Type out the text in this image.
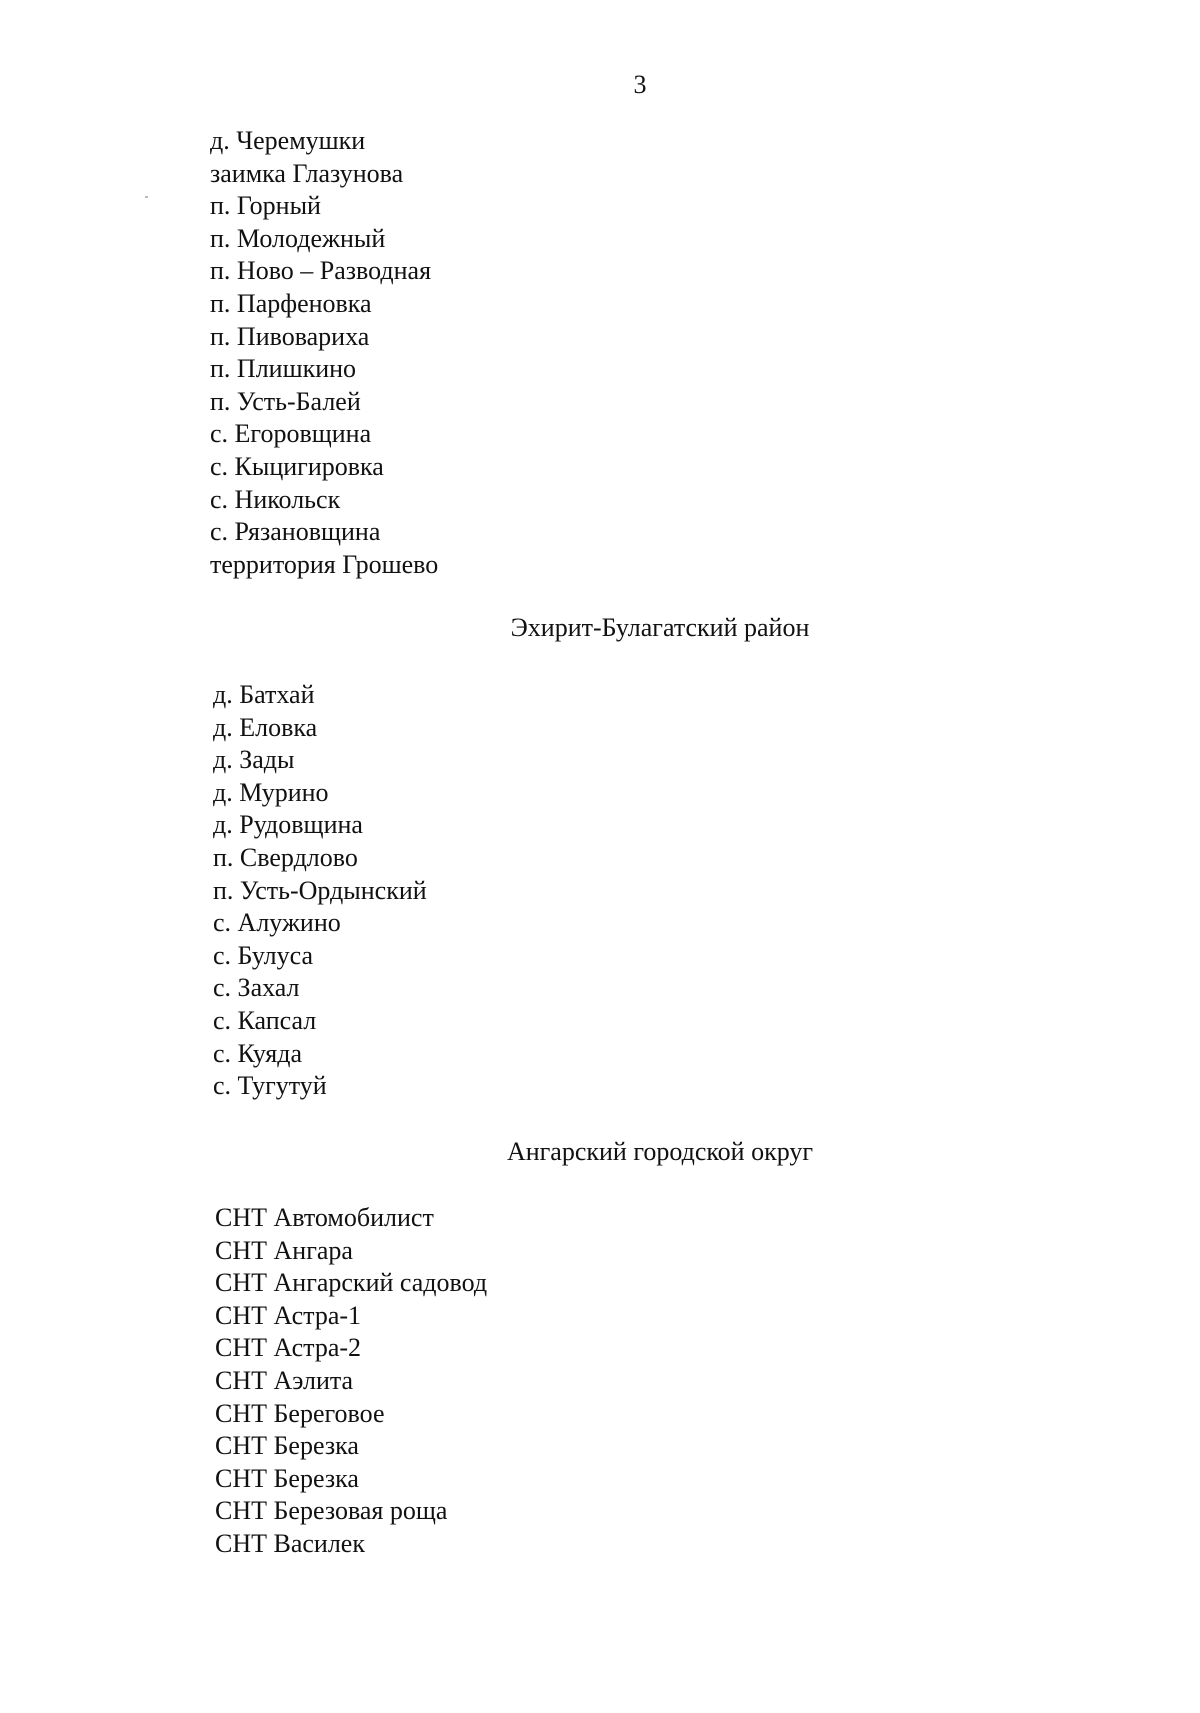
3
д. Черемушки
заимка Глазунова
п. Горный
п. Молодежный
п. Ново – Разводная
п. Парфеновка
п. Пивовариха
п. Плишкино
п. Усть-Балей
с. Егоровщина
с. Кыцигировка
с. Никольск
с. Рязановщина
территория Грошево
Эхирит-Булагатский район
д. Батхай
д. Еловка
д. Зады
д. Мурино
д. Рудовщина
п. Свердлово
п. Усть-Ордынский
с. Алужино
с. Булуса
с. Захал
с. Капсал
с. Куяда
с. Тугутуй
Ангарский городской округ
СНТ Автомобилист
СНТ Ангара
СНТ Ангарский садовод
СНТ Астра-1
СНТ Астра-2
СНТ Аэлита
СНТ Береговое
СНТ Березка
СНТ Березка
СНТ Березовая роща
СНТ Василек
